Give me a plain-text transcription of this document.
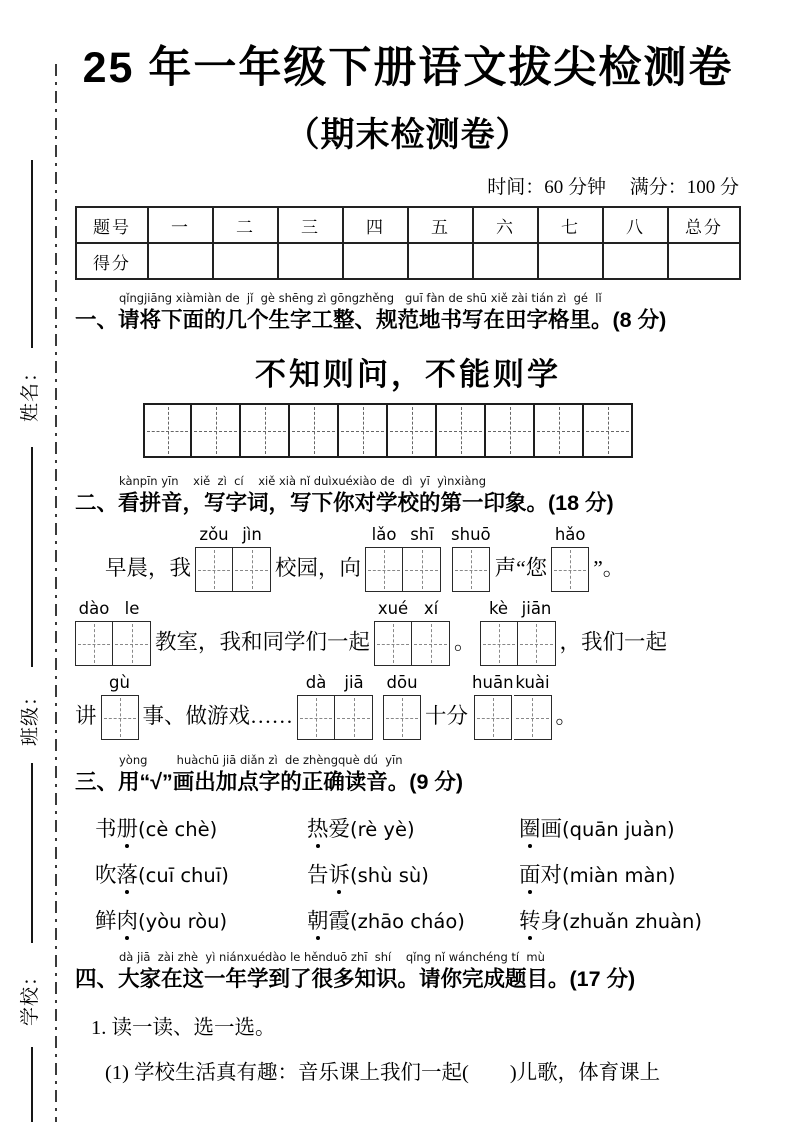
姓名：
班级：
学校：
25 年一年级下册语文拔尖检测卷
（期末检测卷）
时间：60 分钟　 满分：100 分
题号	一	二	三	四	五	六	七	八	总分
得分									
qǐngjiāng xiàmiàn de  jǐ  gè shēng zì gōngzhěng   guī fàn de shū xiě zài tián zì  gé  lǐ
一、请将下面的几个生字工整、规范地书写在田字格里。(8 分)
不知则问，不能则学
kànpīn yīn    xiě  zì  cí    xiě xià nǐ duìxuéxiào de  dì  yī  yìnxiàng
二、看拼音，写字词，写下你对学校的第一印象。(18 分)
早晨，我
zǒu jìn
校园，向
lǎo shī shuō
声“您
hǎo
”。
dào le
教室，我和同学们一起
xué xí
。
kè jiān
，我们一起
讲
gù
事、做游戏……
dà jiā dōu
十分
huān kuài
。
yòng        huàchū jiā diǎn zì  de zhèngquè dú  yīn
三、用“√”画出加点字的正确读音。(9 分)
书册(cè chè)	热爱(rè yè)	圈画(quān juàn)
吹落(cuī chuī)	告诉(shù sù)	面对(miàn màn)
鲜肉(yòu ròu)	朝霞(zhāo cháo)	转身(zhuǎn zhuàn)
dà jiā  zài zhè  yì niánxuédào le hěnduō zhī  shí    qǐng nǐ wánchéng tí  mù
四、大家在这一年学到了很多知识。请你完成题目。(17 分)
1. 读一读、选一选。
(1) 学校生活真有趣：音乐课上我们一起(　　)儿歌，体育课上
